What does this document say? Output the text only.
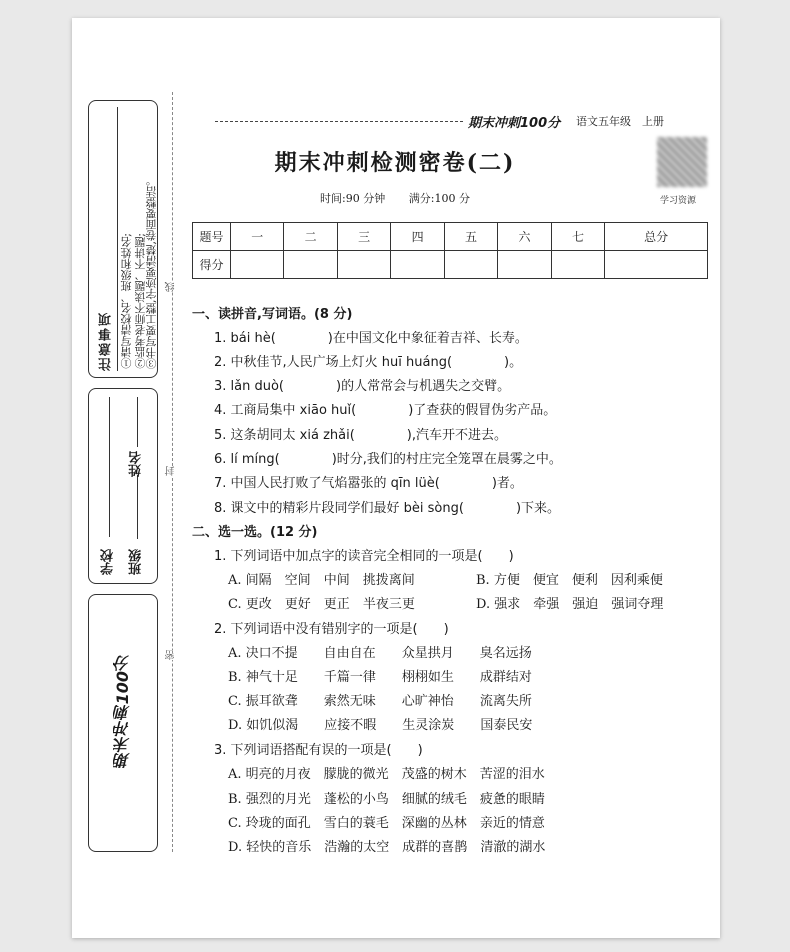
注意事项 ①请写清校名、班级和姓名; ②监考老师不读题、不讲题;
③书写要工整,字迹要清楚,卷面要整洁。
学校 班级
姓名
期末冲刺100分
线
封
密
期末冲刺100分 语文五年级　上册
期末冲刺检测密卷(二)
学习资源
时间:90 分钟 满分:100 分
题号	一	二	三	四	五	六	七	总分
得分								
一、读拼音,写词语。(8 分)
1. bái hè(　　　　)在中国文化中象征着吉祥、长寿。
2. 中秋佳节,人民广场上灯火 huī huáng(　　　　)。
3. lǎn duò(　　　　)的人常常会与机遇失之交臂。
4. 工商局集中 xiāo huǐ(　　　　)了查获的假冒伪劣产品。
5. 这条胡同太 xiá zhǎi(　　　　),汽车开不进去。
6. lí míng(　　　　)时分,我们的村庄完全笼罩在晨雾之中。
7. 中国人民打败了气焰嚣张的 qīn lüè(　　　　)者。
8. 课文中的精彩片段同学们最好 bèi sòng(　　　　)下来。
二、选一选。(12 分)
1. 下列词语中加点字的读音完全相同的一项是(　　)
A. 间隔　 空间　 中间　 挑拨离间	B. 方便　 便宜　 便利　 因利乘便
C. 更改　 更好　 更正　 半夜三更	D. 强求　 牵强　 强迫　 强词夺理
2. 下列词语中没有错别字的一项是(　　)
A. 决口不提　　 自由自在　　 众星拱月　　 臭名远扬
B. 神气十足　　 千篇一律　　 栩栩如生　　 成群结对
C. 振耳欲聋　　 索然无味　　 心旷神怡　　 流离失所
D. 如饥似渴　　 应接不暇　　 生灵涂炭　　 国泰民安
3. 下列词语搭配有误的一项是(　　)
A. 明亮的月夜　 朦胧的微光　 茂盛的树木　 苦涩的泪水
B. 强烈的月光　 蓬松的小鸟　 细腻的绒毛　 疲惫的眼睛
C. 玲珑的面孔　 雪白的蓑毛　 深幽的丛林　 亲近的情意
D. 轻快的音乐　 浩瀚的太空　 成群的喜鹊　 清澈的湖水
